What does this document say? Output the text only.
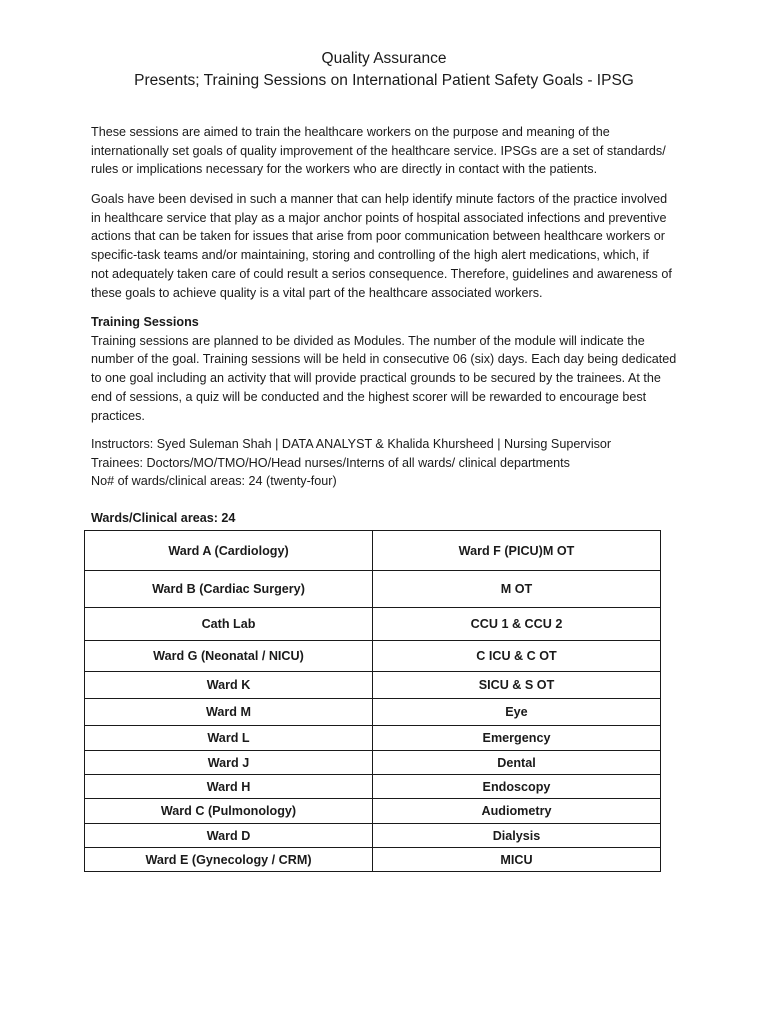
Quality Assurance
Presents; Training Sessions on International Patient Safety Goals - IPSG
These sessions are aimed to train the healthcare workers on the purpose and meaning of the
internationally set goals of quality improvement of the healthcare service. IPSGs are a set of standards/
rules or implications necessary for the workers who are directly in contact with the patients.
Goals have been devised in such a manner that can help identify minute factors of the practice involved
in healthcare service that play as a major anchor points of hospital associated infections and preventive
actions that can be taken for issues that arise from poor communication between healthcare workers or
specific-task teams and/or maintaining, storing and controlling of the high alert medications, which, if
not adequately taken care of could result a serios consequence. Therefore, guidelines and awareness of
these goals to achieve quality is a vital part of the healthcare associated workers.
Training Sessions
Training sessions are planned to be divided as Modules. The number of the module will indicate the
number of the goal. Training sessions will be held in consecutive 06 (six) days. Each day being dedicated
to one goal including an activity that will provide practical grounds to be secured by the trainees. At the
end of sessions, a quiz will be conducted and the highest scorer will be rewarded to encourage best
practices.
Instructors: Syed Suleman Shah | DATA ANALYST & Khalida Khursheed | Nursing Supervisor
Trainees: Doctors/MO/TMO/HO/Head nurses/Interns of all wards/ clinical departments
No# of wards/clinical areas: 24 (twenty-four)
Wards/Clinical areas: 24
Ward A (Cardiology)	Ward F (PICU)M OT
Ward B (Cardiac Surgery)	M OT
Cath Lab	CCU 1 & CCU 2
Ward G (Neonatal / NICU)	C ICU & C OT
Ward K	SICU & S OT
Ward M	Eye
Ward L	Emergency
Ward J	Dental
Ward H	Endoscopy
Ward C (Pulmonology)	Audiometry
Ward D	Dialysis
Ward E (Gynecology / CRM)	MICU
